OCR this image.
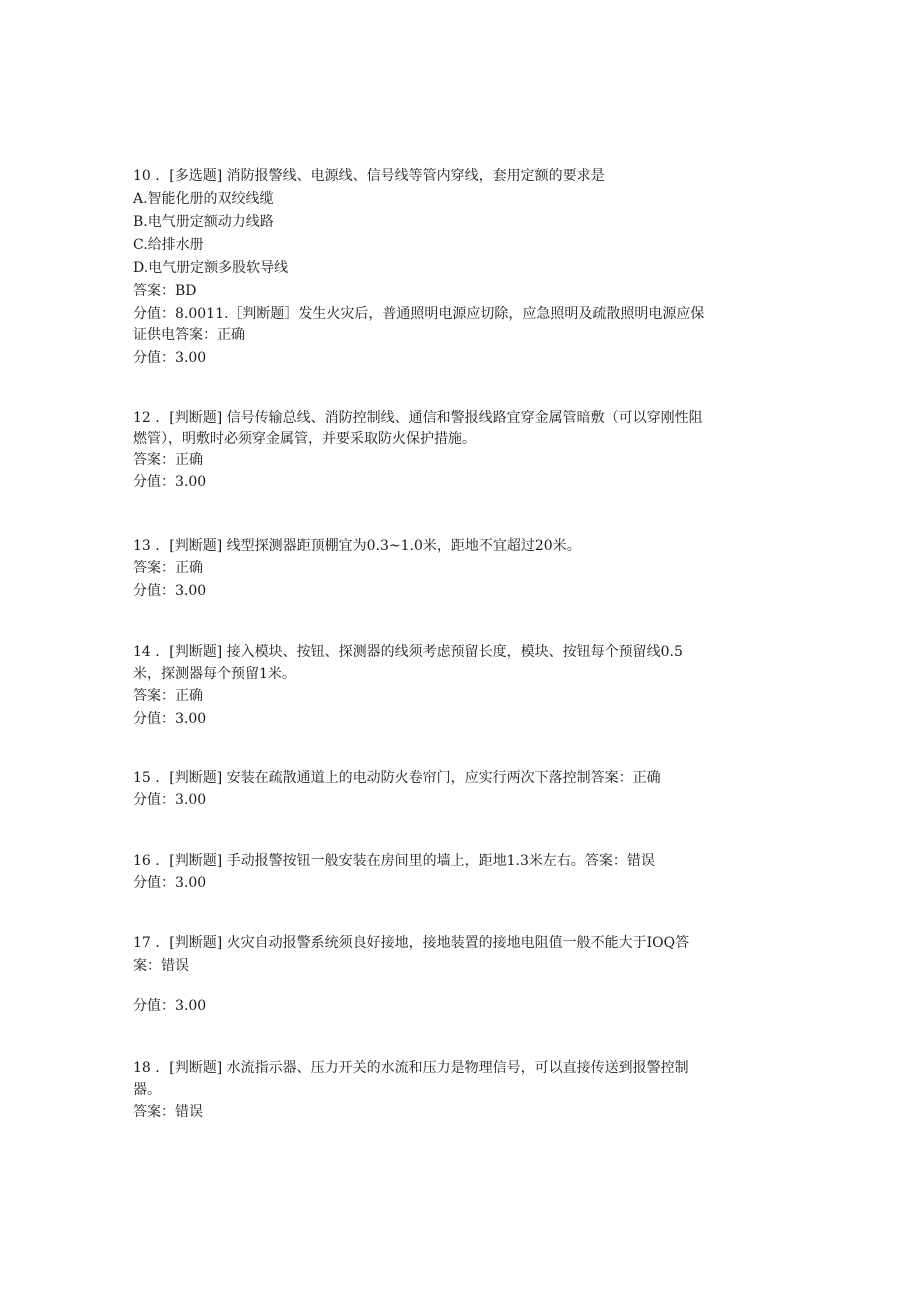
10 ．[多选题] 消防报警线、电源线、信号线等管内穿线，套用定额的要求是
A.智能化册的双绞线缆
B.电气册定额动力线路
C.给排水册
D.电气册定额多股软导线
答案：BD
分值：8.0011.［判断题］发生火灾后，普通照明电源应切除，应急照明及疏散照明电源应保
证供电答案：正确
分值：3.00
12 ．[判断题] 信号传输总线、消防控制线、通信和警报线路宜穿金属管暗敷（可以穿刚性阻
燃管），明敷时必须穿金属管，并要采取防火保护措施。
答案：正确
分值：3.00
13 ．[判断题] 线型探测器距顶棚宜为0.3~1.0米，距地不宜超过20米。
答案：正确
分值：3.00
14 ．[判断题] 接入模块、按钮、探测器的线须考虑预留长度，模块、按钮每个预留线0.5
米，探测器每个预留1米。
答案：正确
分值：3.00
15 ．[判断题] 安装在疏散通道上的电动防火卷帘门，应实行两次下落控制答案：正确
分值：3.00
16 ．[判断题] 手动报警按钮一般安装在房间里的墙上，距地1.3米左右。答案：错误
分值：3.00
17 ．[判断题] 火灾自动报警系统须良好接地，接地装置的接地电阻值一般不能大于IOQ答
案：错误
分值：3.00
18 ．[判断题] 水流指示器、压力开关的水流和压力是物理信号，可以直接传送到报警控制
器。
答案：错误
